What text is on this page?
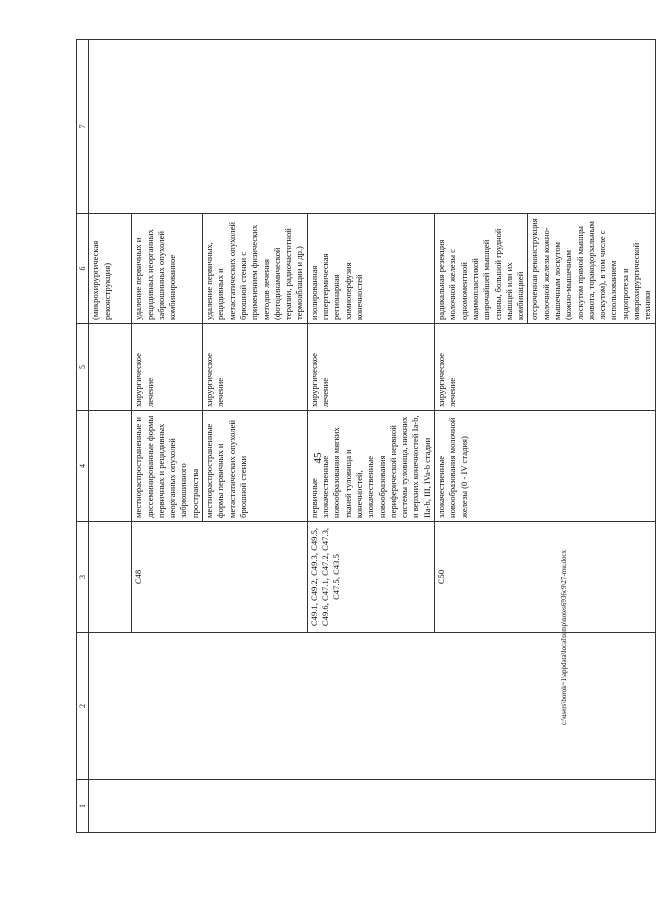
45
c:\users\borok~1\appdata\local\temp\notes6936c9\27-mu.docx
1	2	3	4	5	6	7
					(микрохирургическая реконструкция)	
		C48	местнораспространенные и диссеминированные формы первичных и рецидивных неорганных опухолей забрюшинного пространства	хирургическое лечение	удаление первичных и рецидивных неорганных забрюшинных опухолей комбинированное	
			местнораспространенные формы первичных и метастатических опухолей брюшной стенки	хирургическое лечение	удаление первичных, рецидивных и метастатических опухолей брюшной стенки с применением физических методов лечения (фотодинамической терапии, радиочастотной термоаблации и др.)	
		C49.1, C49.2, C49.3, C49.5, C49.6, C47.1, C47.2, C47.3, C47.5, C43.5	первичные злокачественные новообразования мягких тканей туловища и конечностей, злокачественные новообразования периферической нервной системы туловища, нижних и верхних конечностей Ia-b, IIa-b, III, IVa-b стадии	хирургическое лечение	изолированная гипертермическая регионарная химиоперфузия конечностей	
		C50	злокачественные новообразования молочной железы (0 - IV стадия)	хирургическое лечение	радикальная резекция молочной железы с одномоментной маммопластикой широчайшей мышцей спины, большой грудной мышцей или их комбинацией	
					отсроченная реконструкция молочной железы кожно-мышечным лоскутом (кожно-мышечным лоскутом прямой мышцы живота, торакодорзальным лоскутом), в том числе с использованием эндопротеза и микрохирургической техники	
